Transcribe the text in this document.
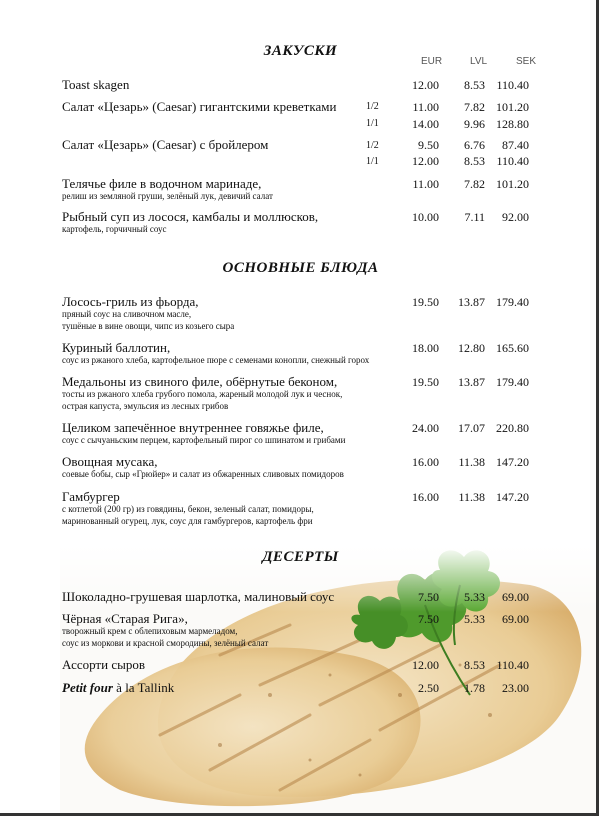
ЗАКУСКИ
EUR	LVL	SEK
Toast skagen	12.00 8.53 110.40
Салат «Цезарь» (Caesar) гигантскими креветками	1/2	11.00 7.82 101.20
1/1	14.00 9.96 128.80
Салат «Цезарь» (Caesar) с бройлером	1/2	9.50 6.76 87.40
1/1	12.00 8.53 110.40
Телячье филе в водочном маринаде,
релиш из земляной груши, зелёный лук, девичий салат
11.00 7.82 101.20
Рыбный суп из лосося, камбалы и моллюсков,
картофель, горчичный соус
10.00 7.11 92.00
ОСНОВНЫЕ БЛЮДА
Лосось-гриль из фьорда,
пряный соус на сливочном масле,
тушёные в вине овощи, чипс из козьего сыра
19.50 13.87 179.40
Куриный баллотин,
соус из ржаного хлеба, картофельное пюре с семенами конопли, снежный горох
18.00 12.80 165.60
Медальоны из свиного филе, обёрнутые беконом,
тосты из ржаного хлеба грубого помола, жареный молодой лук и чеснок,
острая капуста, эмульсия из лесных грибов
19.50 13.87 179.40
Целиком запечённое внутреннее говяжье филе,
соус с сычуаньским перцем, картофельный пирог со шпинатом и грибами
24.00 17.07 220.80
Овощная мусака,
соевые бобы, сыр «Грюйер» и салат из обжаренных сливовых помидоров
16.00 11.38 147.20
Гамбургер
с котлетой (200 гр) из говядины, бекон, зеленый салат, помидоры,
маринованный огурец, лук, соус для гамбургеров, картофель фри
16.00 11.38 147.20
ДЕСЕРТЫ
Шоколадно-грушевая шарлотка, малиновый соус	7.50 5.33 69.00
Чёрная «Старая Рига»,
творожный крем с облепиховым мармеладом,
соус из моркови и красной смородины, зелёный салат
7.50 5.33 69.00
Ассорти сыров	12.00 8.53 110.40
Petit four à la Tallink	2.50 1.78 23.00
